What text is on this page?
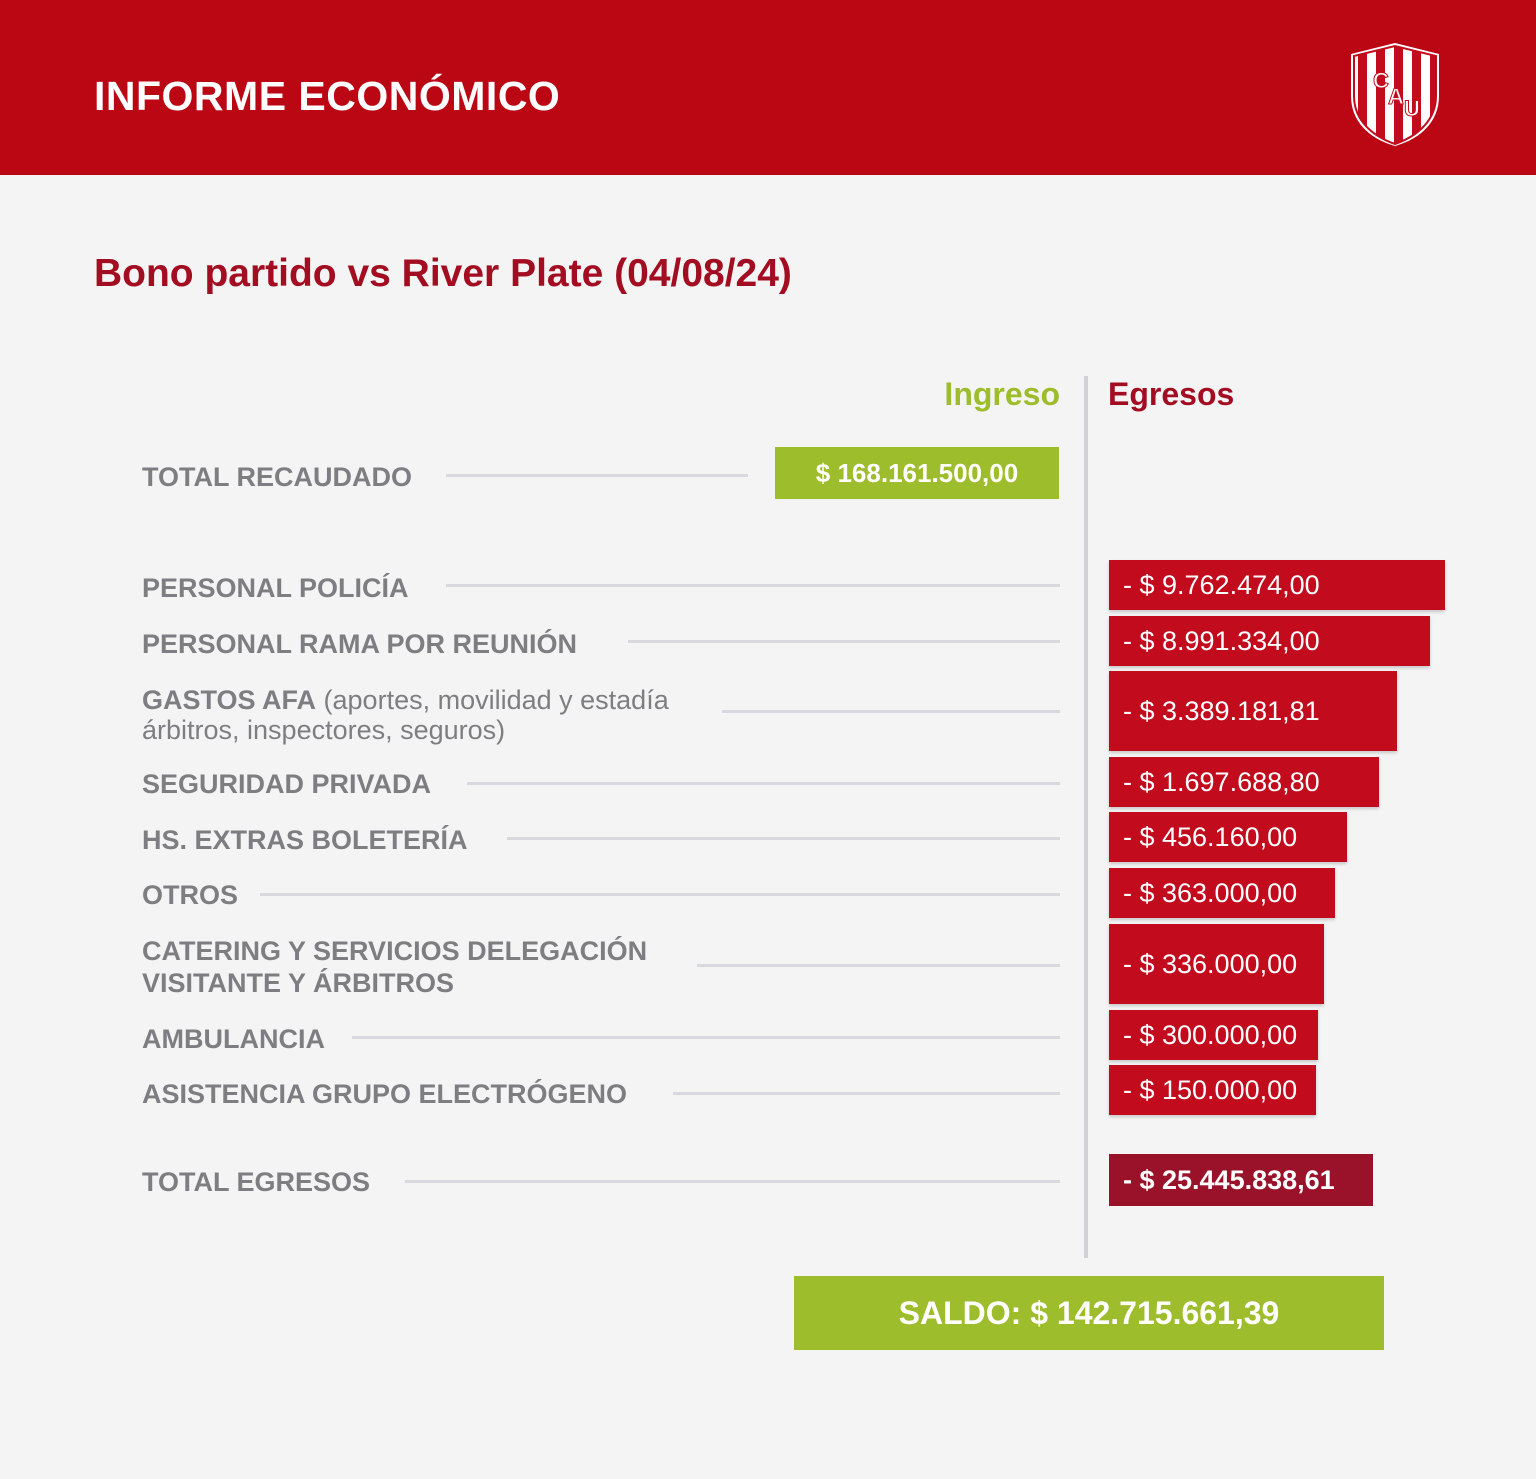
INFORME ECONÓMICO	C
A U
Bono partido vs River Plate (04/08/24)
Ingreso Egresos
TOTAL RECAUDADO	$ 168.161.500,00
PERSONAL POLICÍA	- $ 9.762.474,00
PERSONAL RAMA POR REUNIÓN	- $ 8.991.334,00
GASTOS AFA (aportes, movilidad y estadía
árbitros, inspectores, seguros)
- $ 3.389.181,81
SEGURIDAD PRIVADA	- $ 1.697.688,80
HS. EXTRAS BOLETERÍA	- $ 456.160,00
OTROS	- $ 363.000,00
CATERING Y SERVICIOS DELEGACIÓN
VISITANTE Y ÁRBITROS
- $ 336.000,00
AMBULANCIA	- $ 300.000,00
ASISTENCIA GRUPO ELECTRÓGENO	- $ 150.000,00
TOTAL EGRESOS	- $ 25.445.838,61
SALDO: $ 142.715.661,39
